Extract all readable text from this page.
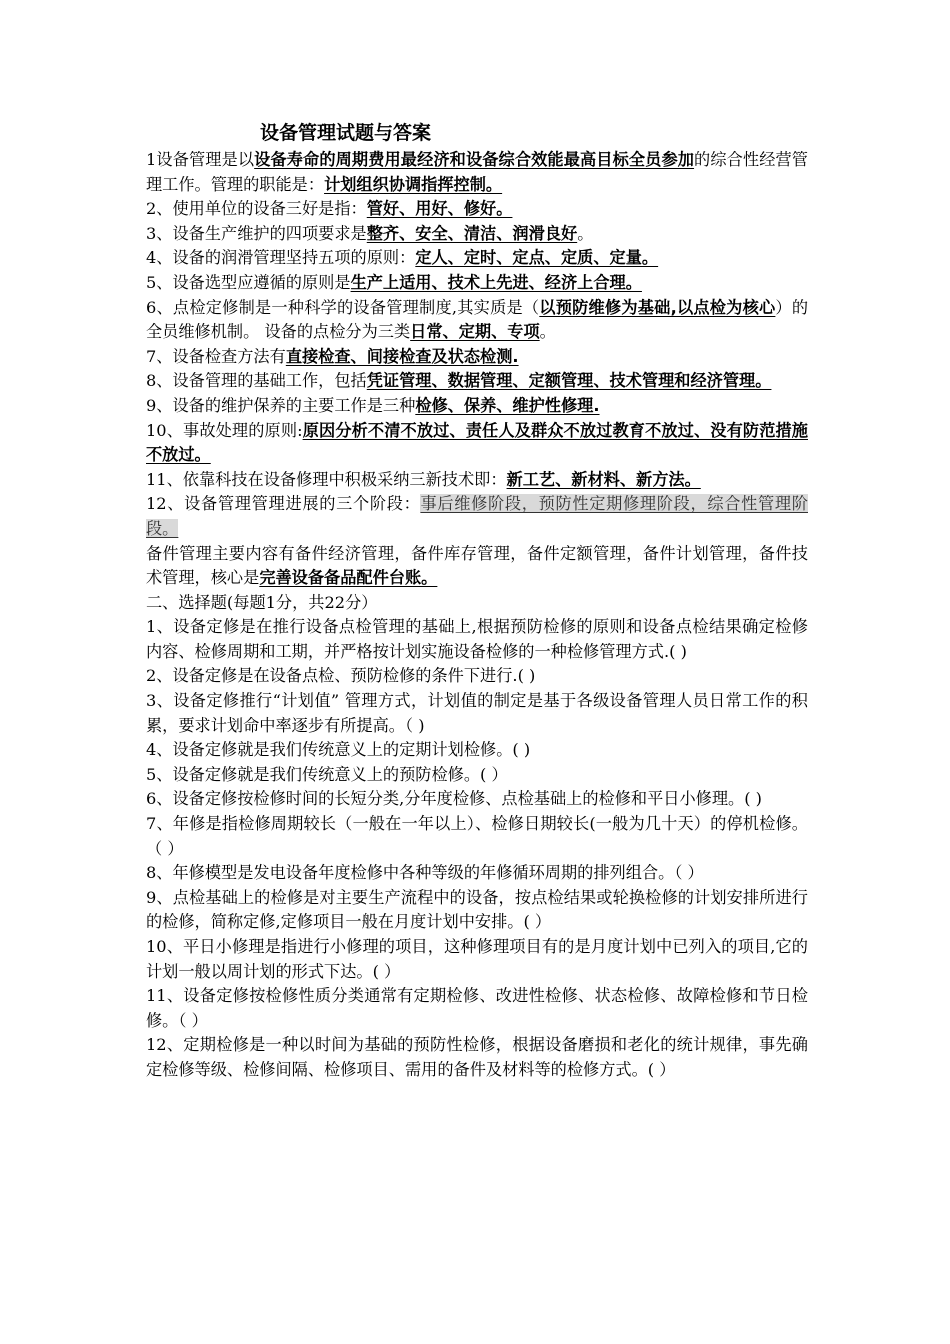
设备管理试题与答案

1设备管理是以设备寿命的周期费用最经济和设备综合效能最高目标全员参加的综合性经营管理工作。管理的职能是：计划组织协调指挥控制。

2、使用单位的设备三好是指：管好、用好、修好。

3、设备生产维护的四项要求是整齐、安全、清洁、润滑良好。

4、设备的润滑管理坚持五项的原则：定人、定时、定点、定质、定量。

5、设备选型应遵循的原则是生产上适用、技术上先进、经济上合理。

6、点检定修制是一种科学的设备管理制度,其实质是（以预防维修为基础,以点检为核心）的全员维修机制。 设备的点检分为三类日常、定期、专项。

7、设备检查方法有直接检查、间接检查及状态检测.

8、设备管理的基础工作，包括凭证管理、数据管理、定额管理、技术管理和经济管理。

9、设备的维护保养的主要工作是三种检修、保养、维护性修理.

10、事故处理的原则:原因分析不清不放过、责任人及群众不放过教育不放过、没有防范措施不放过。

11、依靠科技在设备修理中积极采纳三新技术即：新工艺、新材料、新方法。

12、设备管理管理进展的三个阶段：事后维修阶段，预防性定期修理阶段，综合性管理阶段。

备件管理主要内容有备件经济管理，备件库存管理，备件定额管理，备件计划管理，备件技术管理，核心是完善设备备品配件台账。

二、选择题(每题1分，共22分）

1、设备定修是在推行设备点检管理的基础上,根据预防检修的原则和设备点检结果确定检修内容、检修周期和工期，并严格按计划实施设备检修的一种检修管理方式.( )

2、设备定修是在设备点检、预防检修的条件下进行.( )

3、设备定修推行“计划值” 管理方式，计划值的制定是基于各级设备管理人员日常工作的积累，要求计划命中率逐步有所提高。（ )

4、设备定修就是我们传统意义上的定期计划检修。( )

5、设备定修就是我们传统意义上的预防检修。( ）

6、设备定修按检修时间的长短分类,分年度检修、点检基础上的检修和平日小修理。( )

7、年修是指检修周期较长（一般在一年以上）、检修日期较长(一般为几十天）的停机检修。 （ ）

8、年修模型是发电设备年度检修中各种等级的年修循环周期的排列组合。（ ）

9、点检基础上的检修是对主要生产流程中的设备，按点检结果或轮换检修的计划安排所进行的检修，简称定修,定修项目一般在月度计划中安排。( ）

10、平日小修理是指进行小修理的项目，这种修理项目有的是月度计划中已列入的项目,它的计划一般以周计划的形式下达。( ）

11、设备定修按检修性质分类通常有定期检修、改进性检修、状态检修、故障检修和节日检修。（ ）

12、定期检修是一种以时间为基础的预防性检修，根据设备磨损和老化的统计规律，事先确定检修等级、检修间隔、检修项目、需用的备件及材料等的检修方式。( ）
